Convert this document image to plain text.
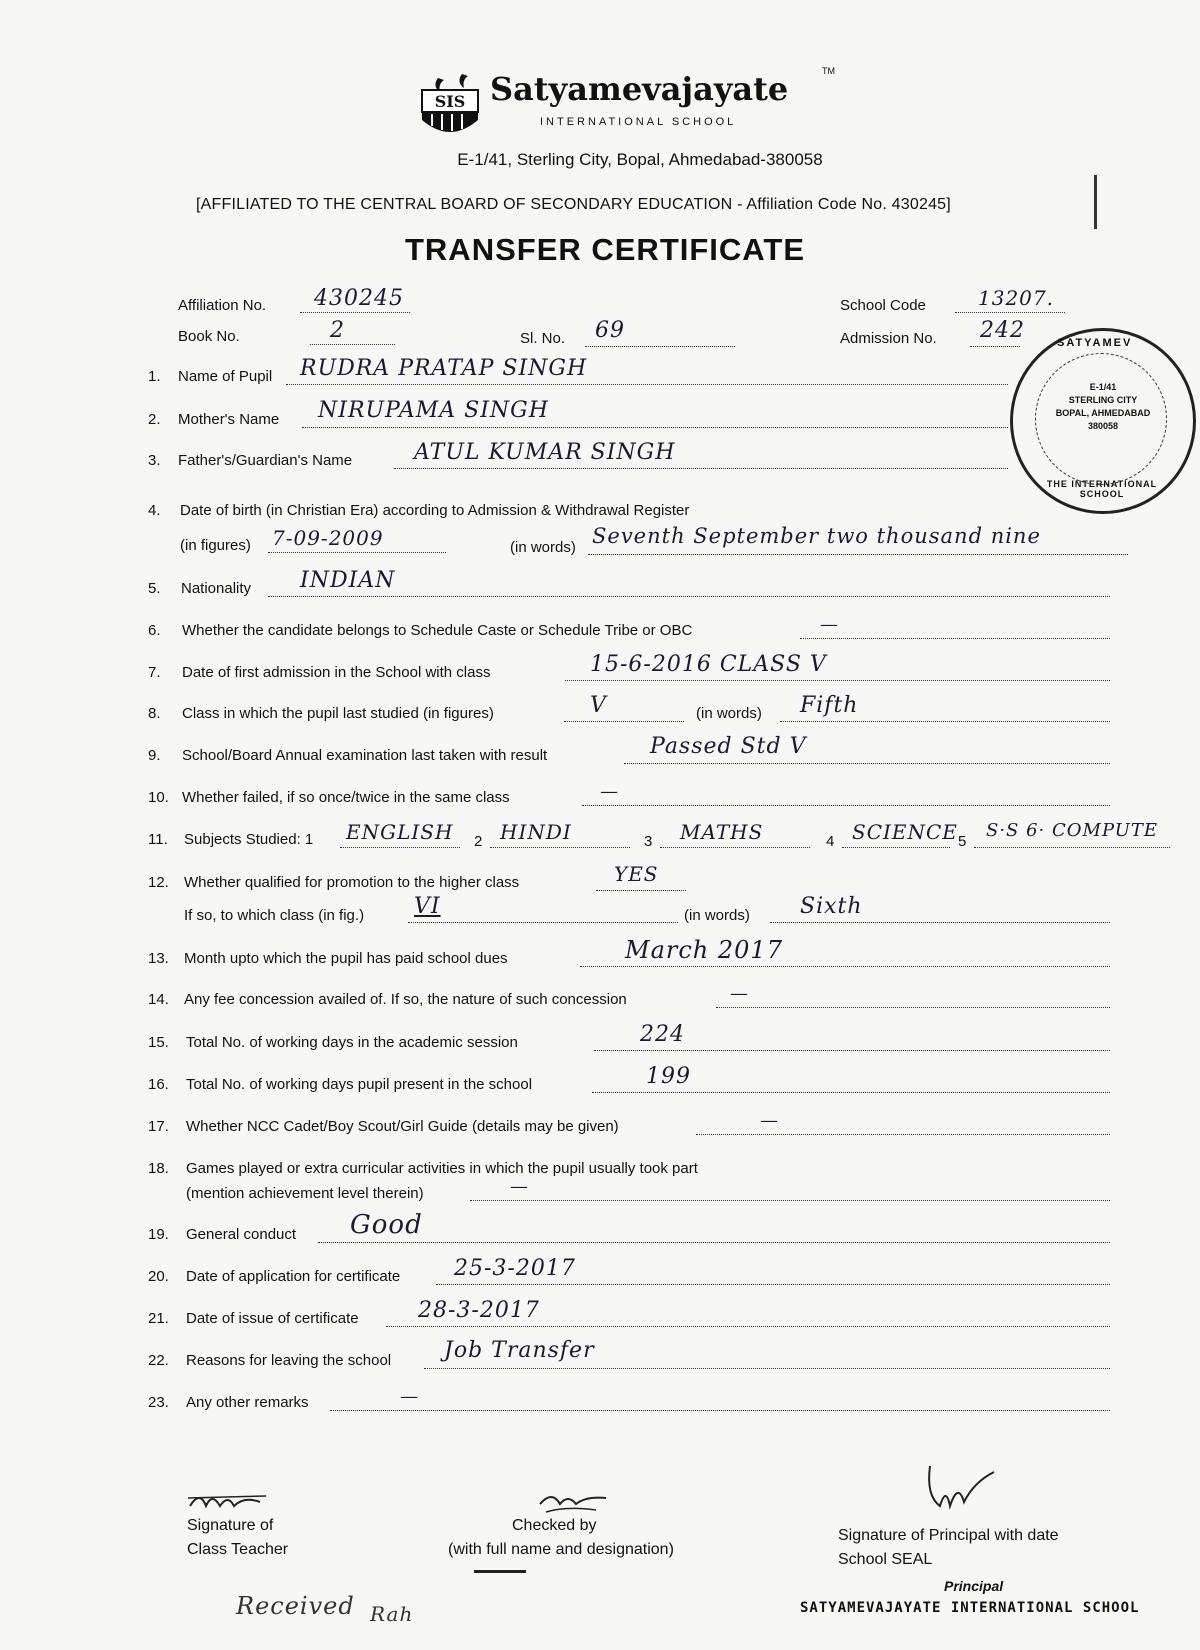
SIS Satyamevajayate	TM
INTERNATIONAL SCHOOL
E-1/41, Sterling City, Bopal, Ahmedabad-380058
[AFFILIATED TO THE CENTRAL BOARD OF SECONDARY EDUCATION - Affiliation Code No. 430245]
TRANSFER CERTIFICATE
Affiliation No. 430245	School Code	13207.
Book No.	2	Sl. No. 69	Admission No. 242	SATYAMEV
E-1/41
STERLING CITY
BOPAL, AHMEDABAD
380058
THE INTERNATIONAL SCHOOL
1. Name of Pupil RUDRA PRATAP SINGH
2. Mother's Name NIRUPAMA SINGH
3. Father's/Guardian's Name	ATUL KUMAR SINGH
4. Date of birth (in Christian Era) according to Admission & Withdrawal Register
(in figures) 7-09-2009	(in words) Seventh September two thousand nine
5. Nationality INDIAN
6. Whether the candidate belongs to Schedule Caste or Schedule Tribe or OBC	—
7. Date of first admission in the School with class	15-6-2016 CLASS V
8. Class in which the pupil last studied (in figures)	V	(in words) Fifth
9. School/Board Annual examination last taken with result	Passed Std V
10. Whether failed, if so once/twice in the same class	—
11. Subjects Studied: 1 ENGLISH 2 HINDI	3 MATHS	4 SCIENCE 5
S·S 6· COMPUTE
12. Whether qualified for promotion to the higher class	YES
If so, to which class (in fig.) VI	(in words) Sixth
13. Month upto which the pupil has paid school dues	March 2017
14. Any fee concession availed of. If so, the nature of such concession	—
15. Total No. of working days in the academic session	224
16. Total No. of working days pupil present in the school	199
17. Whether NCC Cadet/Boy Scout/Girl Guide (details may be given)	—
18. Games played or extra curricular activities in which the pupil usually took part
(mention achievement level therein)	—
19. General conduct Good
20. Date of application for certificate 25-3-2017
21. Date of issue of certificate	28-3-2017
22. Reasons for leaving the school Job Transfer
23. Any other remarks	—
Signature of
Class Teacher
Checked by
(with full name and designation)
Signature of Principal with date
School SEAL
Principal
SATYAMEVAJAYATE INTERNATIONAL SCHOOL
Received Rah
